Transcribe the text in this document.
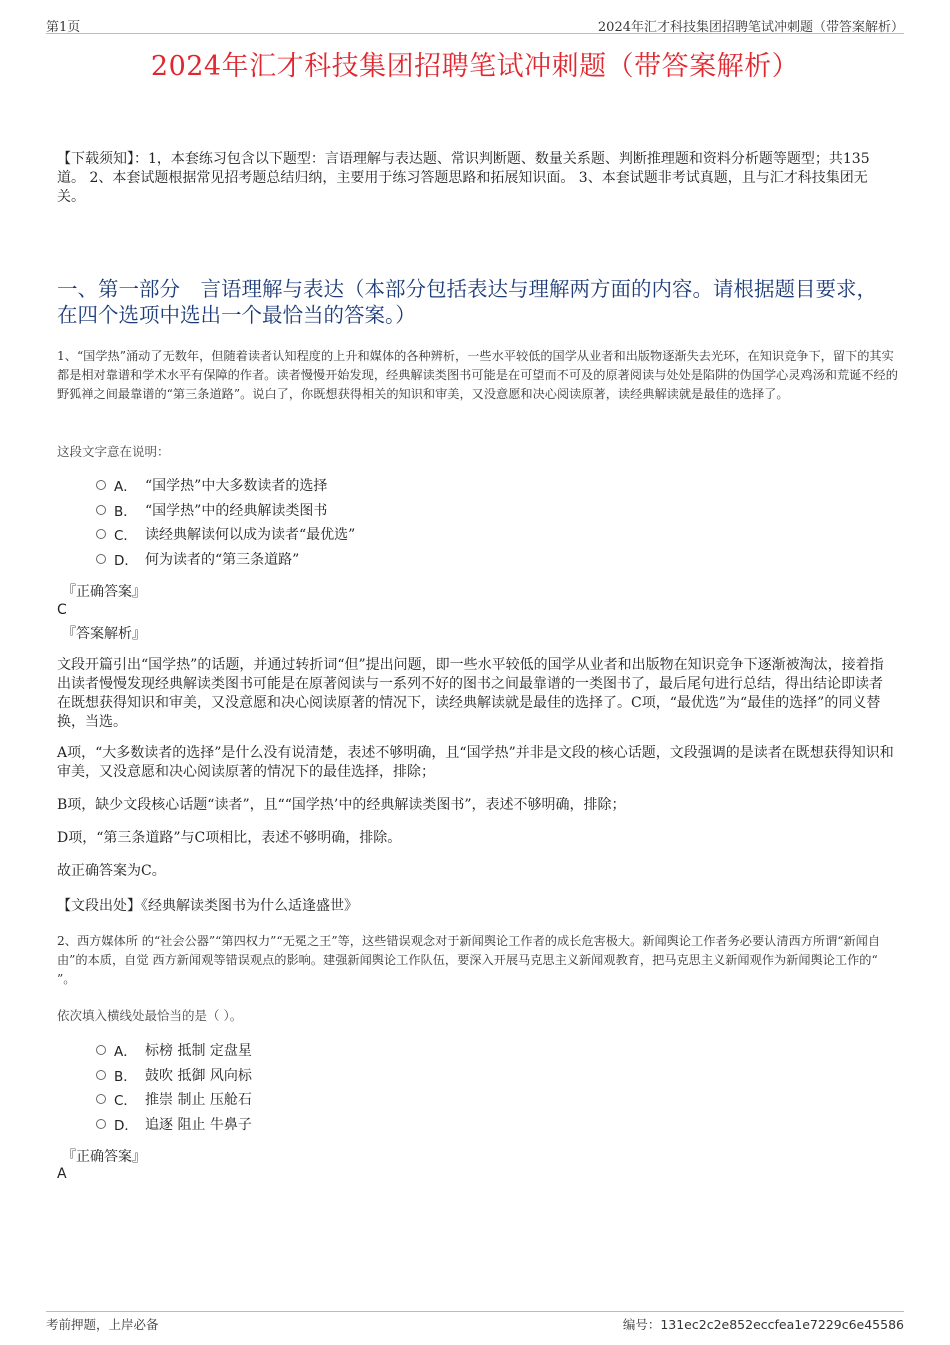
第1页	2024年汇才科技集团招聘笔试冲刺题（带答案解析）
2024年汇才科技集团招聘笔试冲刺题（带答案解析）
【下载须知】：1，本套练习包含以下题型：言语理解与表达题、常识判断题、数量关系题、判断推理题和资料分析题等题型；共135道。 2、本套试题根据常见招考题总结归纳，主要用于练习答题思路和拓展知识面。 3、本套试题非考试真题，且与汇才科技集团无关。
一、第一部分　言语理解与表达（本部分包括表达与理解两方面的内容。请根据题目要求，在四个选项中选出一个最恰当的答案。）
1、“国学热”涌动了无数年，但随着读者认知程度的上升和媒体的各种辨析，一些水平较低的国学从业者和出版物逐渐失去光环，在知识竞争下，留下的其实都是相对靠谱和学术水平有保障的作者。读者慢慢开始发现，经典解读类图书可能是在可望而不可及的原著阅读与处处是陷阱的伪国学心灵鸡汤和荒诞不经的野狐禅之间最靠谱的“第三条道路”。说白了，你既想获得相关的知识和审美，又没意愿和决心阅读原著，读经典解读就是最佳的选择了。
这段文字意在说明：
A． “国学热”中大多数读者的选择
B． “国学热”中的经典解读类图书
C． 读经典解读何以成为读者“最优选”
D． 何为读者的“第三条道路”
『正确答案』
C
『答案解析』
文段开篇引出“国学热”的话题，并通过转折词“但”提出问题，即一些水平较低的国学从业者和出版物在知识竞争下逐渐被淘汰，接着指出读者慢慢发现经典解读类图书可能是在原著阅读与一系列不好的图书之间最靠谱的一类图书了，最后尾句进行总结，得出结论即读者在既想获得知识和审美，又没意愿和决心阅读原著的情况下，读经典解读就是最佳的选择了。C项，“最优选”为“最佳的选择”的同义替换，当选。
A项，“大多数读者的选择”是什么没有说清楚，表述不够明确，且“国学热”并非是文段的核心话题，文段强调的是读者在既想获得知识和审美，又没意愿和决心阅读原著的情况下的最佳选择，排除；
B项，缺少文段核心话题“读者”，且““国学热’中的经典解读类图书”，表述不够明确，排除；
D项，“第三条道路”与C项相比，表述不够明确，排除。
故正确答案为C。
【文段出处】《经典解读类图书为什么适逢盛世》
2、西方媒体所 的“社会公器”“第四权力”“无冕之王”等，这些错误观念对于新闻舆论工作者的成长危害极大。新闻舆论工作者务必要认清西方所谓“新闻自由”的本质，自觉 西方新闻观等错误观点的影响。建强新闻舆论工作队伍，要深入开展马克思主义新闻观教育，把马克思主义新闻观作为新闻舆论工作的“ ”。
依次填入横线处最恰当的是（ ）。
A． 标榜 抵制 定盘星
B． 鼓吹 抵御 风向标
C． 推崇 制止 压舱石
D． 追逐 阻止 牛鼻子
『正确答案』
A
考前押题，上岸必备	编号：131ec2c2e852eccfea1e7229c6e45586
